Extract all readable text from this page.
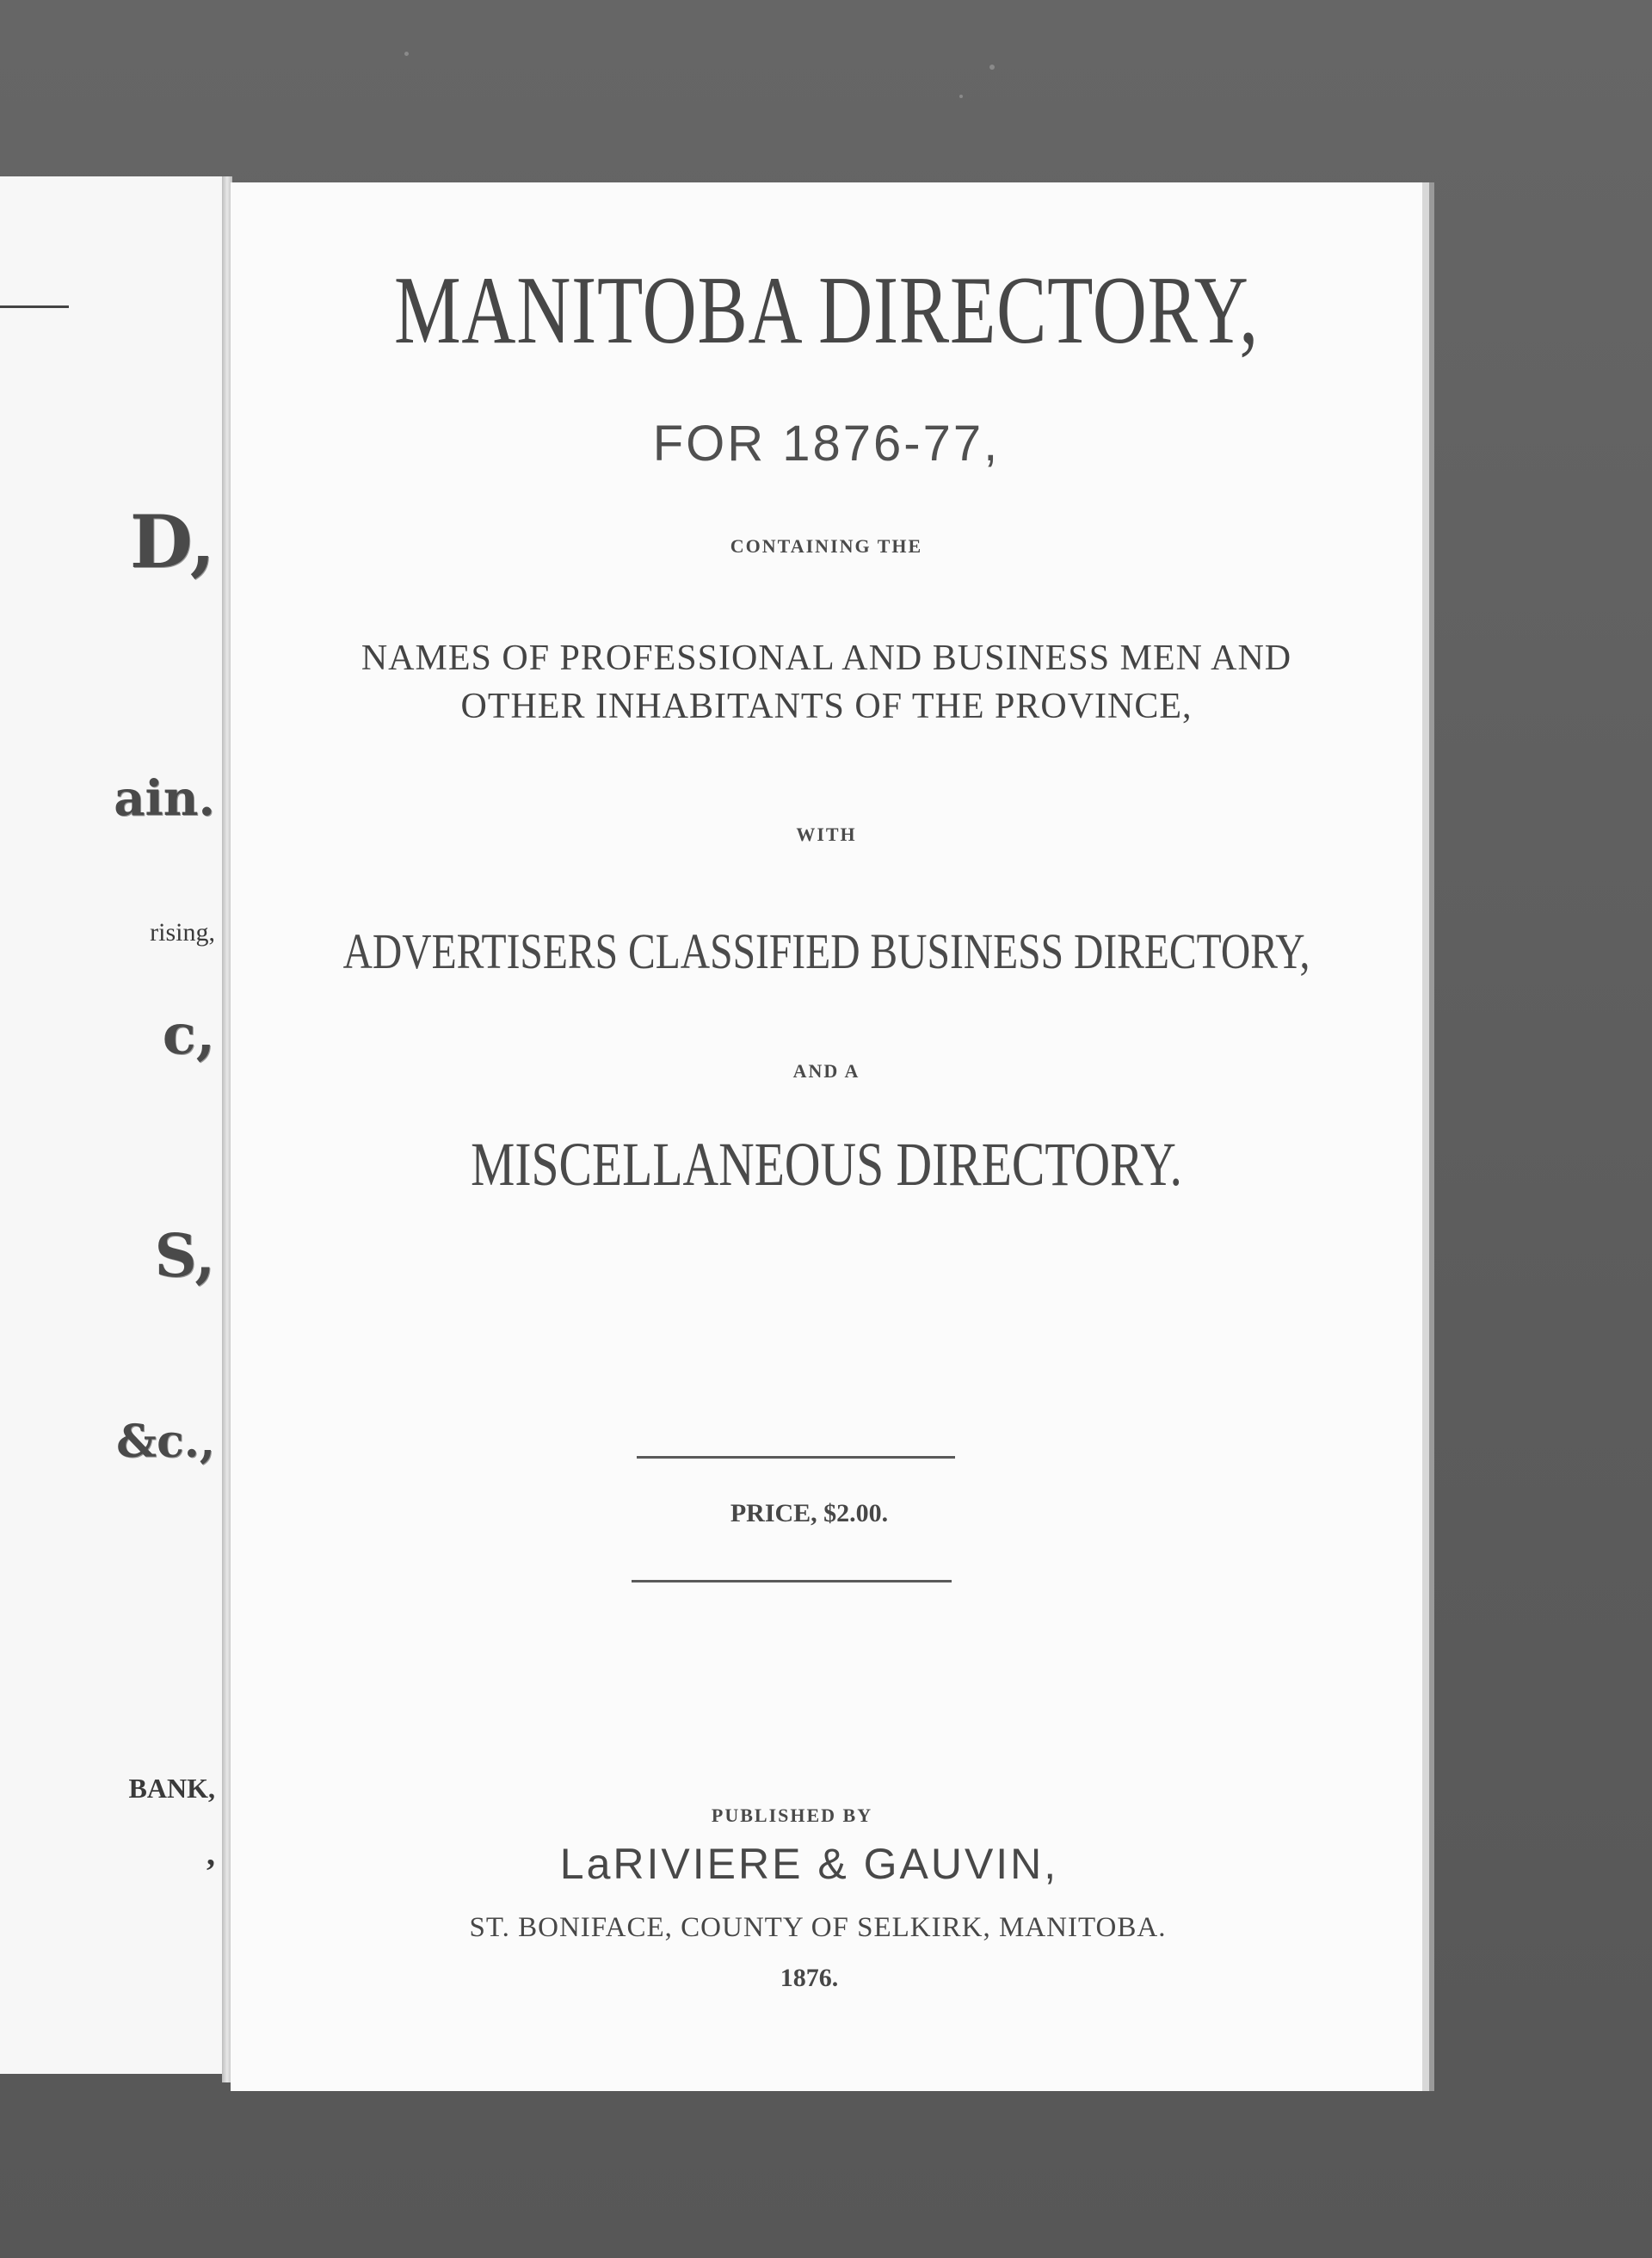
D,
ain.
rising,
c,
S,
&c.,
BANK,
,
MANITOBA DIRECTORY,
FOR 1876-77,
CONTAINING THE
NAMES OF PROFESSIONAL AND BUSINESS MEN AND
OTHER INHABITANTS OF THE PROVINCE,
WITH
ADVERTISERS CLASSIFIED BUSINESS DIRECTORY,
AND A
MISCELLANEOUS DIRECTORY.
PRICE, $2.00.
PUBLISHED BY
LaRIVIERE & GAUVIN,
ST. BONIFACE, COUNTY OF SELKIRK, MANITOBA.
1876.
